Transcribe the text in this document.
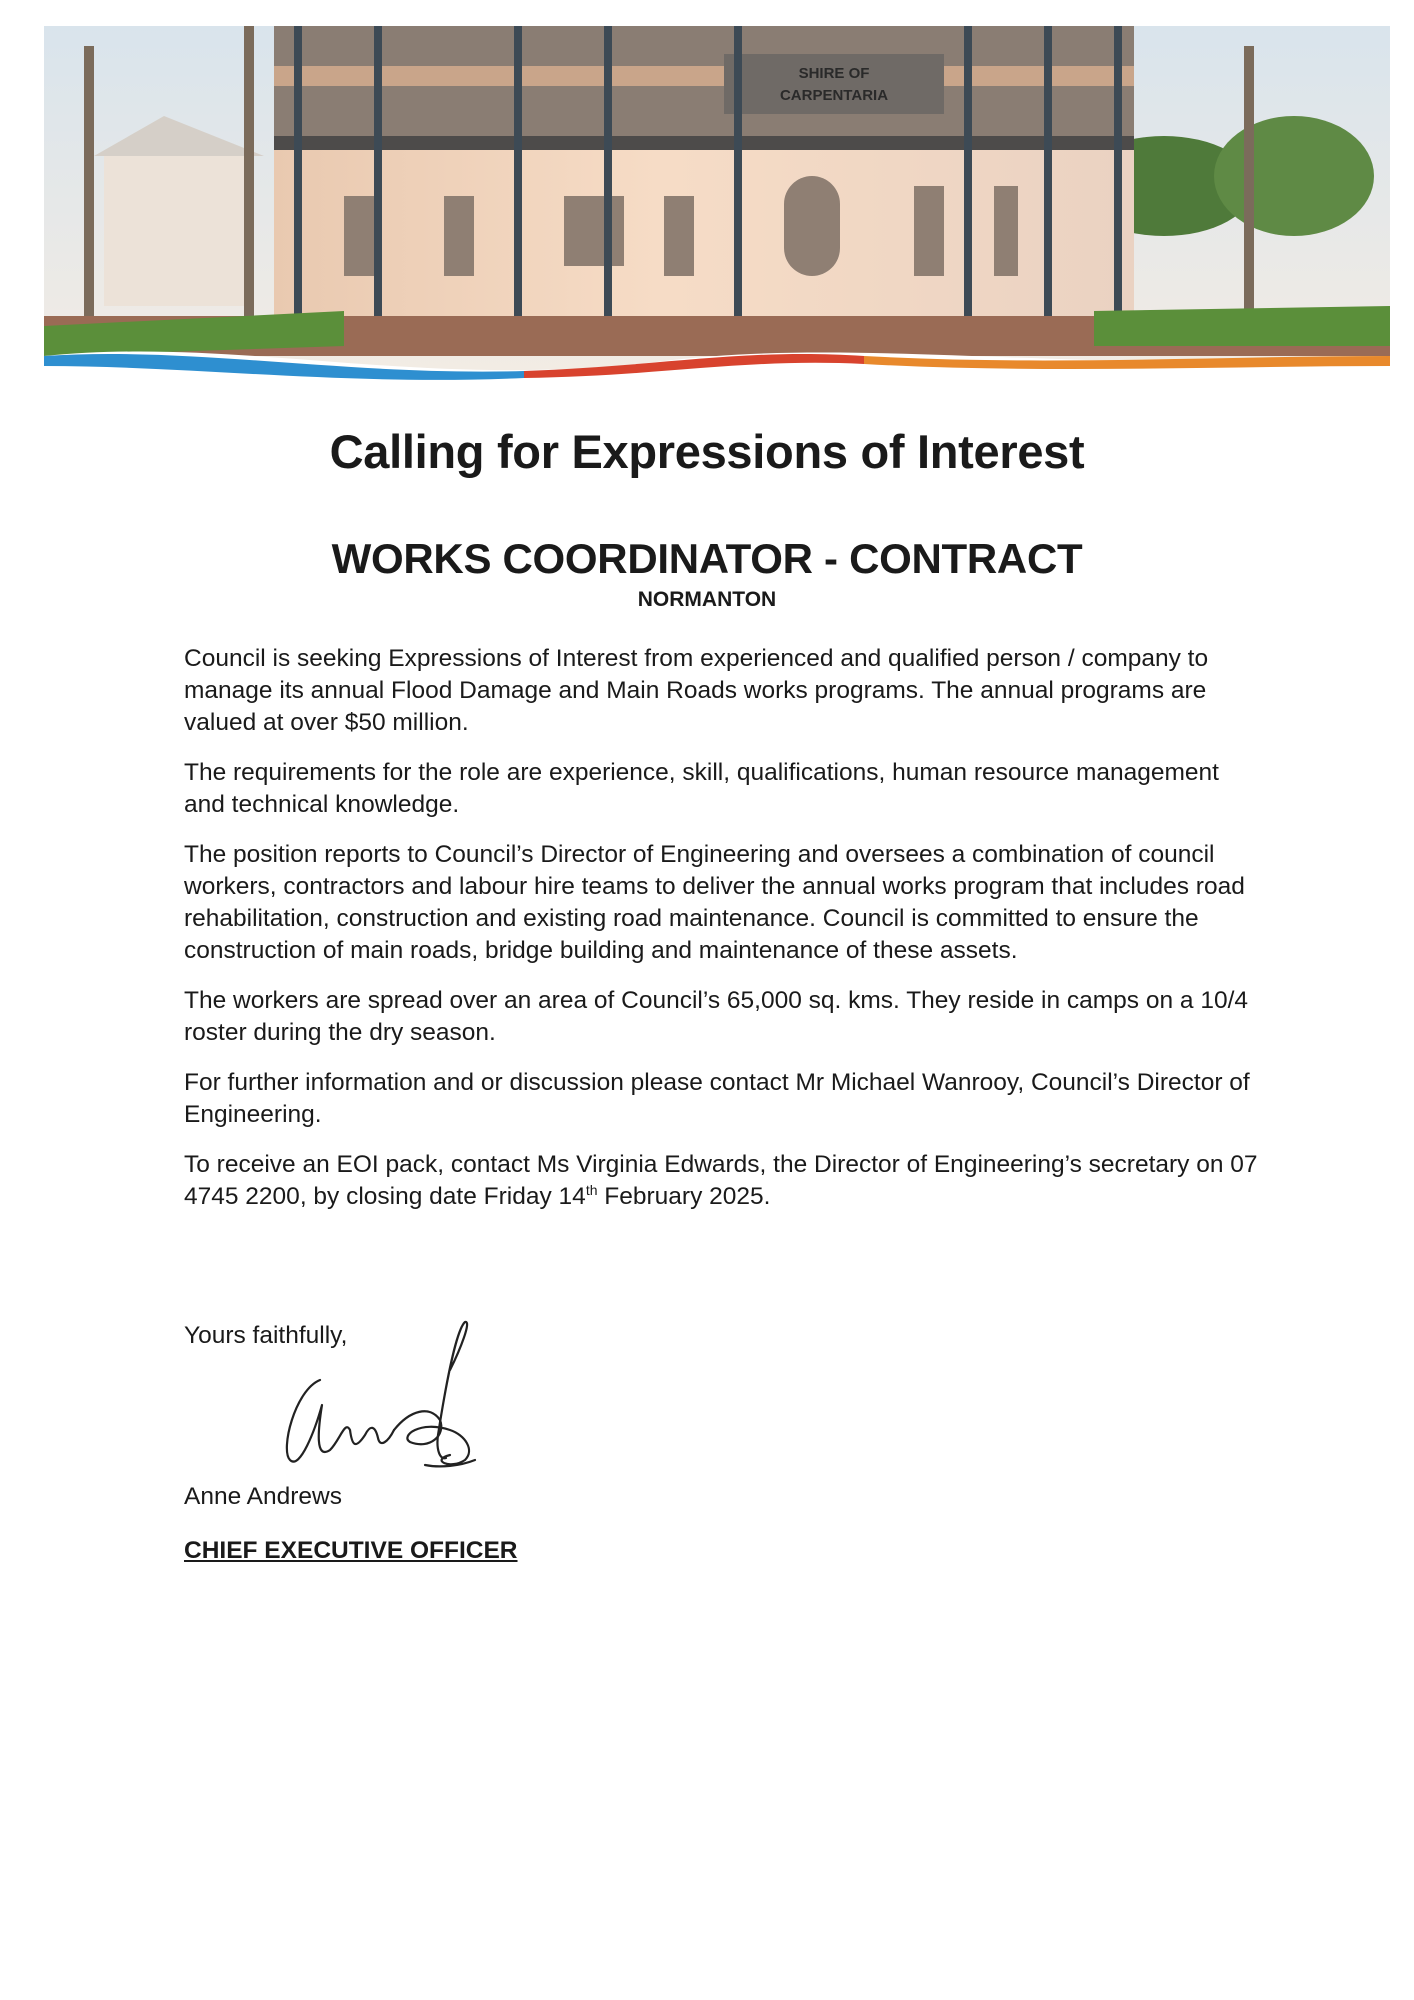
SHIRE OF
CARPENTARIA
Calling for Expressions of Interest
WORKS COORDINATOR - CONTRACT

NORMANTON

Council is seeking Expressions of Interest from experienced and qualified person / company to manage its annual Flood Damage and Main Roads works programs. The annual programs are valued at over $50 million.

The requirements for the role are experience, skill, qualifications, human resource management and technical knowledge.

The position reports to Council’s Director of Engineering and oversees a combination of council workers, contractors and labour hire teams to deliver the annual works program that includes road rehabilitation, construction and existing road maintenance. Council is committed to ensure the construction of main roads, bridge building and maintenance of these assets.

The workers are spread over an area of Council’s 65,000 sq. kms. They reside in camps on a 10/4 roster during the dry season.

For further information and or discussion please contact Mr Michael Wanrooy, Council’s Director of Engineering.

To receive an EOI pack, contact Ms Virginia Edwards, the Director of Engineering’s secretary on 07 4745 2200, by closing date Friday 14th February 2025.

Yours faithfully,

Anne Andrews

CHIEF EXECUTIVE OFFICER
